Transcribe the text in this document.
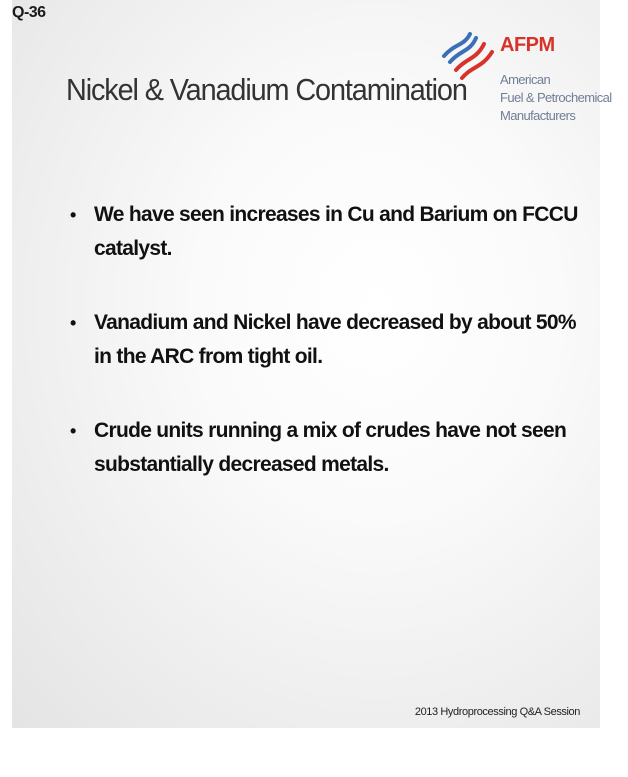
Q-36
Nickel & Vanadium Contamination
AFPM
American
Fuel & Petrochemical
Manufacturers
• We have seen increases in Cu and Barium on FCCU catalyst.
• Vanadium and Nickel have decreased by about 50% in the ARC from tight oil.
• Crude units running a mix of crudes have not seen substantially decreased metals.
2013 Hydroprocessing Q&A Session
